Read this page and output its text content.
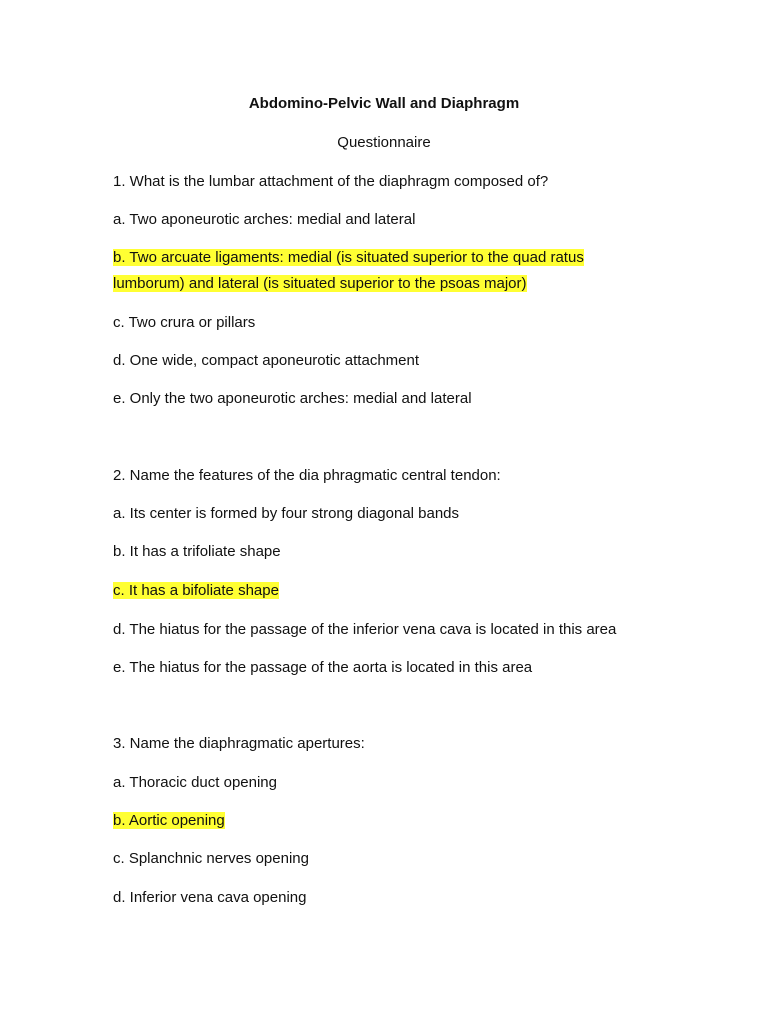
Abdomino-Pelvic Wall and Diaphragm
Questionnaire
1. What is the lumbar attachment of the diaphragm composed of?
a. Two aponeurotic arches: medial and lateral
b. Two arcuate ligaments: medial (is situated superior to the quad ratus
lumborum) and lateral (is situated superior to the psoas major)
c. Two crura or pillars
d. One wide, compact aponeurotic attachment
e. Only the two aponeurotic arches: medial and lateral
2. Name the features of the dia phragmatic central tendon:
a. Its center is formed by four strong diagonal bands
b. It has a trifoliate shape
c. It has a bifoliate shape
d. The hiatus for the passage of the inferior vena cava is located in this area
e. The hiatus for the passage of the aorta is located in this area
3. Name the diaphragmatic apertures:
a. Thoracic duct opening
b. Aortic opening
c. Splanchnic nerves opening
d. Inferior vena cava opening
